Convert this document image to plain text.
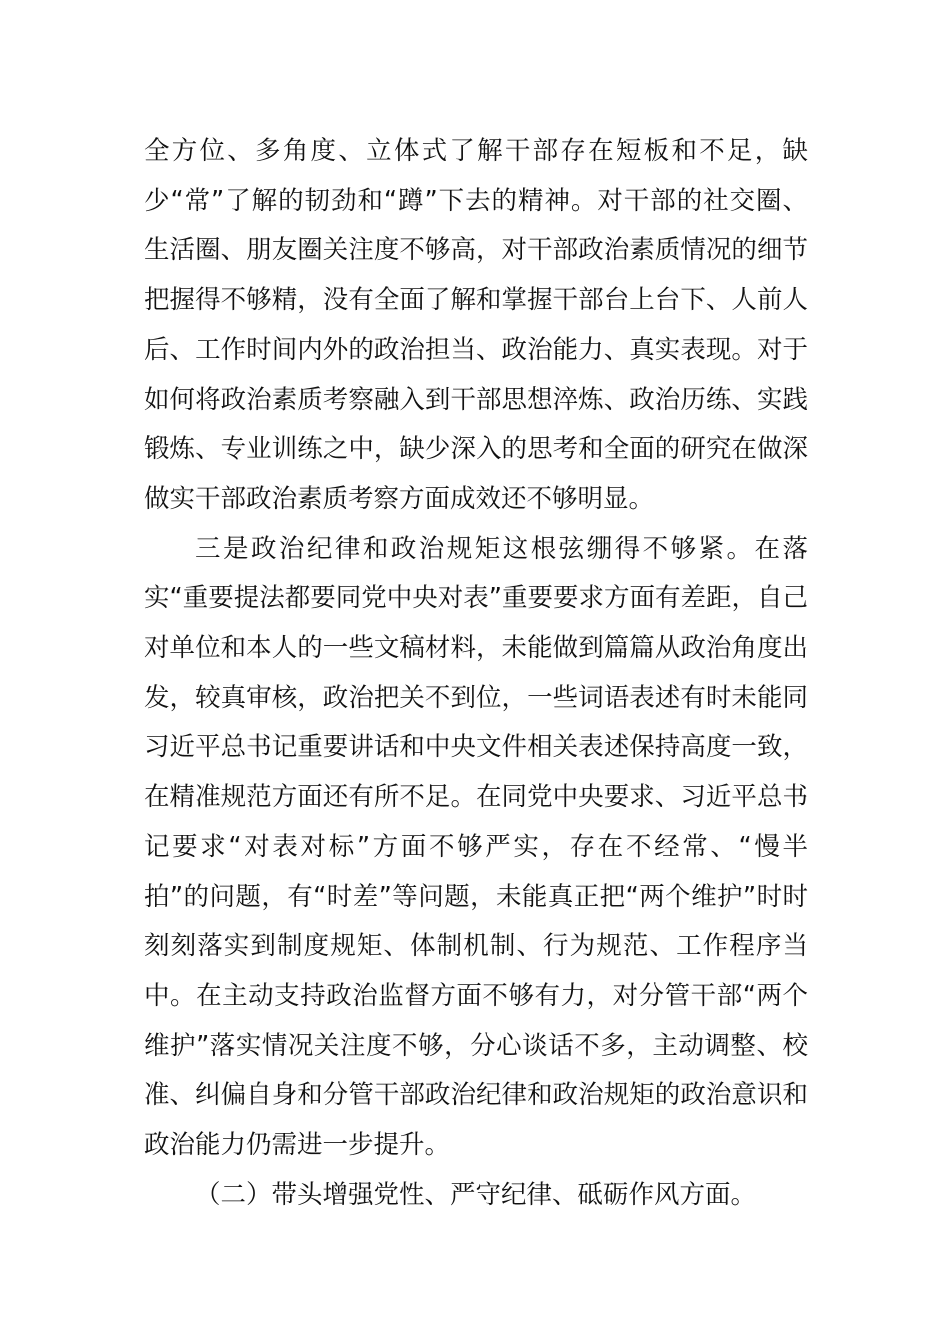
全方位、多角度、立体式了解干部存在短板和不足，缺少“常”了解的韧劲和“蹲”下去的精神。对干部的社交圈、生活圈、朋友圈关注度不够高，对干部政治素质情况的细节把握得不够精，没有全面了解和掌握干部台上台下、人前人后、工作时间内外的政治担当、政治能力、真实表现。对于如何将政治素质考察融入到干部思想淬炼、政治历练、实践锻炼、专业训练之中，缺少深入的思考和全面的研究在做深做实干部政治素质考察方面成效还不够明显。

三是政治纪律和政治规矩这根弦绷得不够紧。在落实“重要提法都要同党中央对表”重要要求方面有差距，自己对单位和本人的一些文稿材料，未能做到篇篇从政治角度出发，较真审核，政治把关不到位，一些词语表述有时未能同习近平总书记重要讲话和中央文件相关表述保持高度一致，在精准规范方面还有所不足。在同党中央要求、习近平总书记要求“对表对标”方面不够严实，存在不经常、“慢半拍”的问题，有“时差”等问题，未能真正把“两个维护”时时刻刻落实到制度规矩、体制机制、行为规范、工作程序当中。在主动支持政治监督方面不够有力，对分管干部“两个维护”落实情况关注度不够，分心谈话不多，主动调整、校准、纠偏自身和分管干部政治纪律和政治规矩的政治意识和政治能力仍需进一步提升。

（二）带头增强党性、严守纪律、砥砺作风方面。
